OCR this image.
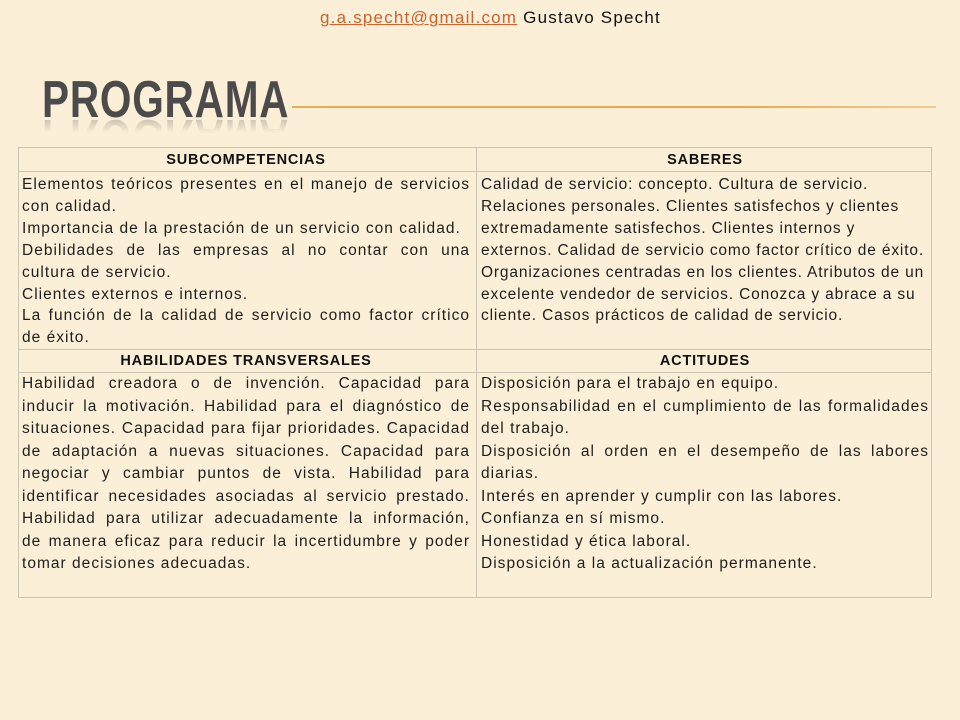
g.a.specht@gmail.com Gustavo Specht
PROGRAMA
SUBCOMPETENCIAS	SABERES

Elementos teóricos presentes en el manejo de servicios con calidad.

Importancia de la prestación de un servicio con calidad.

Debilidades de las empresas al no contar con una cultura de servicio.

Clientes externos e internos.

La función de la calidad de servicio como factor crítico de éxito.

Calidad de servicio: concepto. Cultura de servicio. Relaciones personales. Clientes satisfechos y clientes extremadamente satisfechos. Clientes internos y externos. Calidad de servicio como factor crítico de éxito. Organizaciones centradas en los clientes. Atributos de un excelente vendedor de servicios. Conozca y abrace a su cliente. Casos prácticos de calidad de servicio.

HABILIDADES TRANSVERSALES	ACTITUDES

Habilidad creadora o de invención. Capacidad para inducir la motivación. Habilidad para el diagnóstico de situaciones. Capacidad para fijar prioridades. Capacidad de adaptación a nuevas situaciones. Capacidad para negociar y cambiar puntos de vista. Habilidad para identificar necesidades asociadas al servicio prestado. Habilidad para utilizar adecuadamente la información, de manera eficaz para reducir la incertidumbre y poder tomar decisiones adecuadas.

Disposición para el trabajo en equipo.

Responsabilidad en el cumplimiento de las formalidades del trabajo.

Disposición al orden en el desempeño de las labores diarias.

Interés en aprender y cumplir con las labores.

Confianza en sí mismo.

Honestidad y ética laboral.

Disposición a la actualización permanente.
